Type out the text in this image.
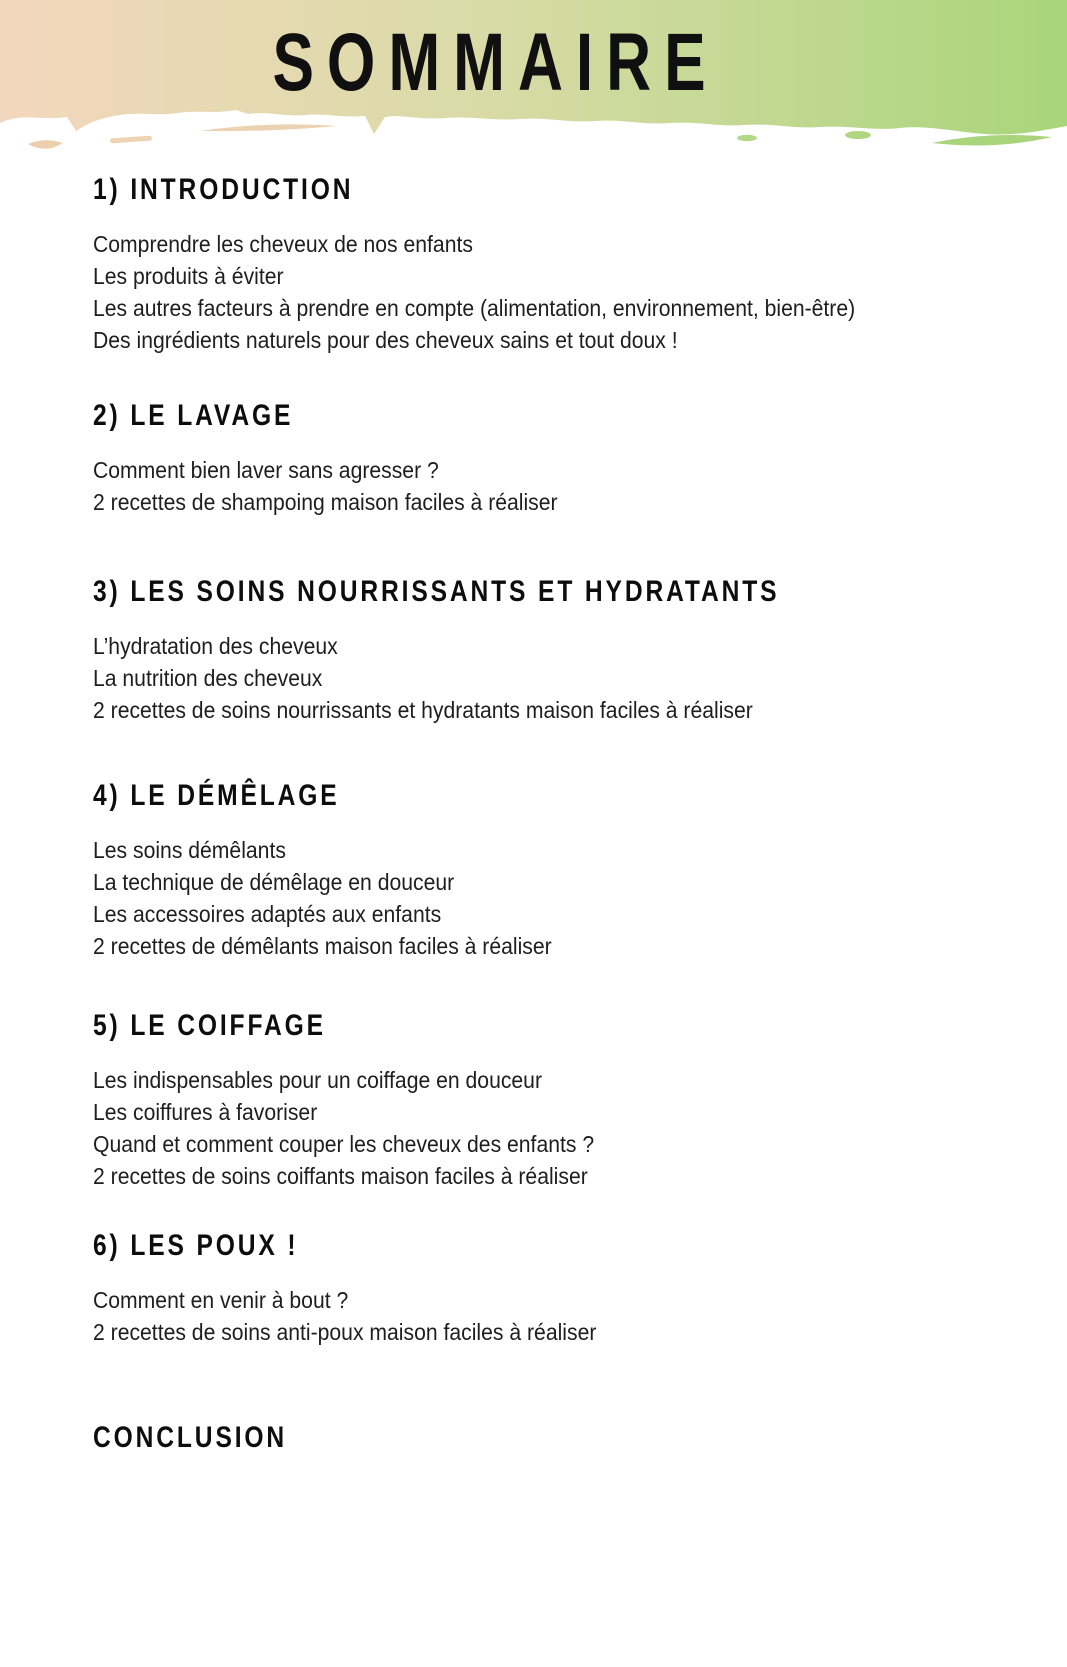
SOMMAIRE
1) INTRODUCTION
Comprendre les cheveux de nos enfants
Les produits à éviter
Les autres facteurs à prendre en compte (alimentation, environnement, bien-être)
Des ingrédients naturels pour des cheveux sains et tout doux !
2) LE LAVAGE
Comment bien laver sans agresser ?
2 recettes de shampoing maison faciles à réaliser
3) LES SOINS NOURRISSANTS ET HYDRATANTS
L’hydratation des cheveux
La nutrition des cheveux
2 recettes de soins nourrissants et hydratants maison faciles à réaliser
4) LE DÉMÊLAGE
Les soins démêlants
La technique de démêlage en douceur
Les accessoires adaptés aux enfants
2 recettes de démêlants maison faciles à réaliser
5) LE COIFFAGE
Les indispensables pour un coiffage en douceur
Les coiffures à favoriser
Quand et comment couper les cheveux des enfants ?
2 recettes de soins coiffants maison faciles à réaliser
6) LES POUX !
Comment en venir à bout ?
2 recettes de soins anti-poux maison faciles à réaliser
CONCLUSION
